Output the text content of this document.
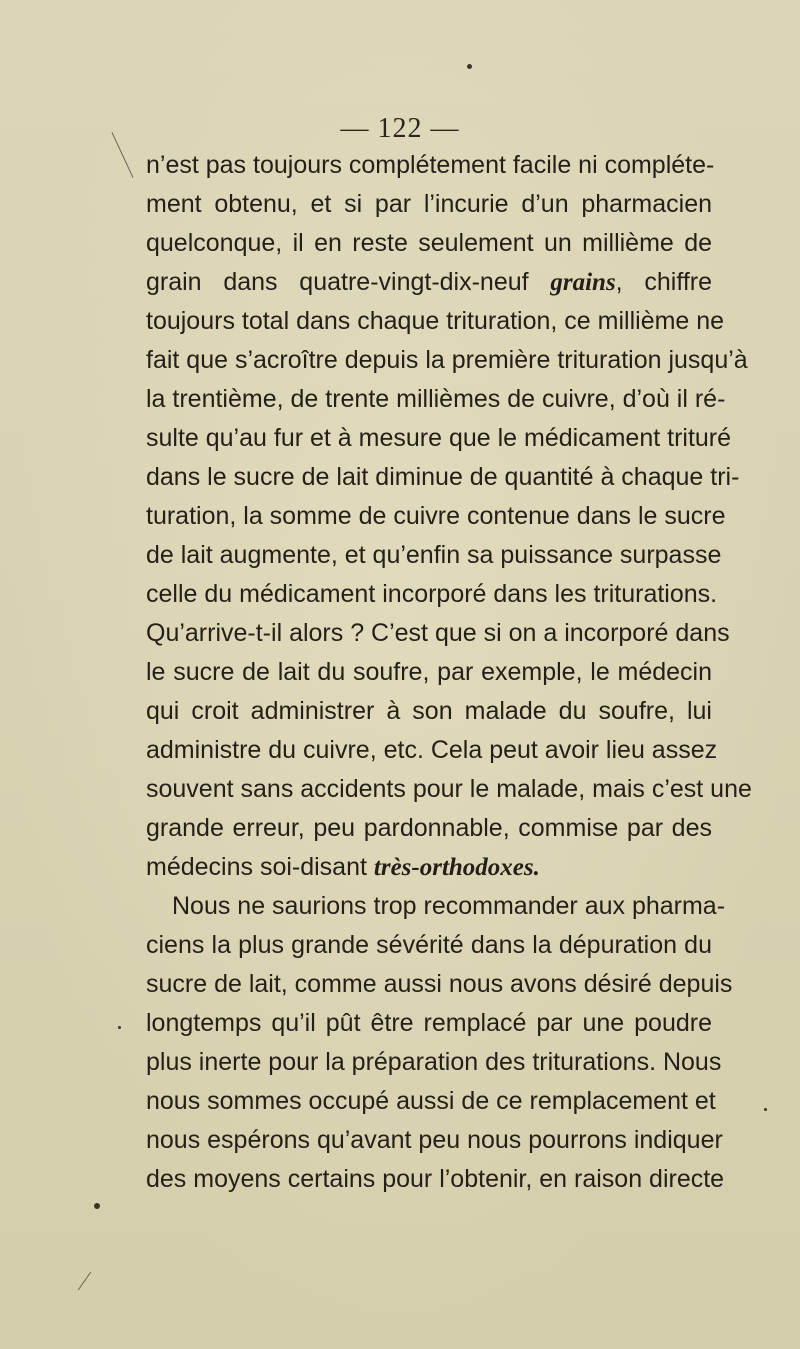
— 122 —
n’est pas toujours complétement facile ni compléte-
ment obtenu, et si par l’incurie d’un pharmacien
quelconque, il en reste seulement un millième de
grain dans quatre-vingt-dix-neuf grains, chiffre
toujours total dans chaque trituration, ce millième ne
fait que s’acroître depuis la première trituration jusqu’à
la trentième, de trente millièmes de cuivre, d’où il ré-
sulte qu’au fur et à mesure que le médicament trituré
dans le sucre de lait diminue de quantité à chaque tri-
turation, la somme de cuivre contenue dans le sucre
de lait augmente, et qu’enfin sa puissance surpasse
celle du médicament incorporé dans les triturations.
Qu’arrive-t-il alors ? C’est que si on a incorporé dans
le sucre de lait du soufre, par exemple, le médecin
qui croit administrer à son malade du soufre, lui
administre du cuivre, etc. Cela peut avoir lieu assez
souvent sans accidents pour le malade, mais c’est une
grande erreur, peu pardonnable, commise par des
médecins soi-disant très-orthodoxes.
Nous ne saurions trop recommander aux pharma-
ciens la plus grande sévérité dans la dépuration du
sucre de lait, comme aussi nous avons désiré depuis
longtemps qu’il pût être remplacé par une poudre
plus inerte pour la préparation des triturations. Nous
nous sommes occupé aussi de ce remplacement et
nous espérons qu’avant peu nous pourrons indiquer
des moyens certains pour l’obtenir, en raison directe
